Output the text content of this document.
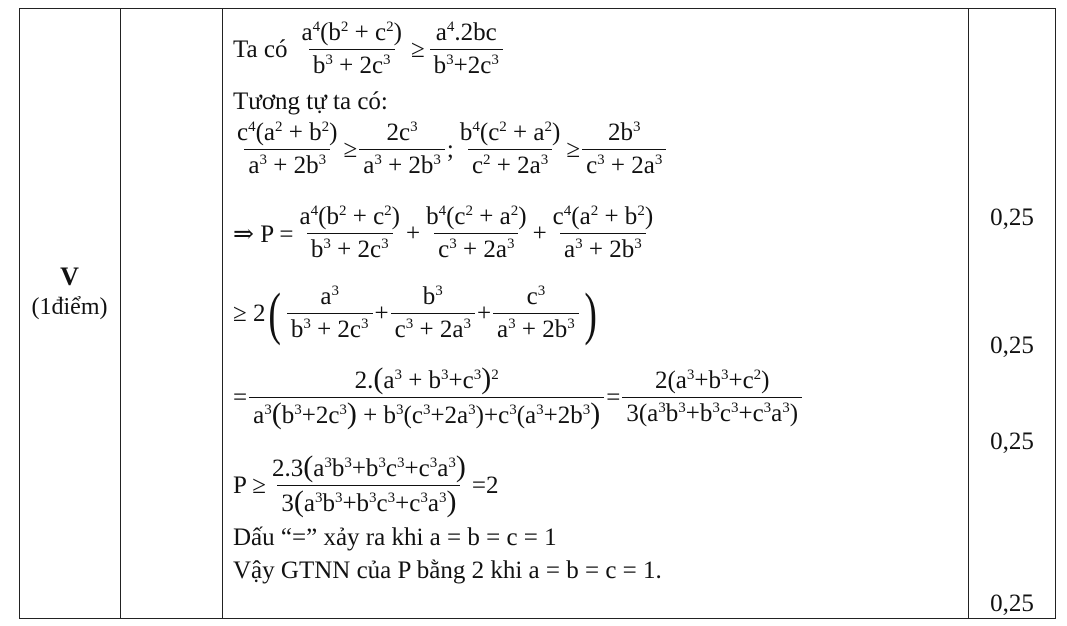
V
(1điểm)
Ta có $\frac{a^4(b^2 + c^2)}{b^3 + 2c^3} \ge \frac{a^4.2bc}{b^3+2c^3}$
Tương tự ta có:
$\frac{c^4(a^2 + b^2)}{a^3 + 2b^3} \ge \frac{2c^3}{a^3 + 2b^3}$ ; $\frac{b^4(c^2 + a^2)}{c^2 + 2a^3} \ge \frac{2b^3}{c^3 + 2a^3}$
⇒ $P = \frac{a^4(b^2 + c^2)}{b^3 + 2c^3} + \frac{b^4(c^2 + a^2)}{c^3 + 2a^3} + \frac{c^4(a^2 + b^2)}{a^3 + 2b^3}$
≥ 2 ( $\frac{a^3}{b^3 + 2c^3} + \frac{b^3}{c^3 + 2a^3} + \frac{c^3}{a^3 + 2b^3}$ )
= $\frac{2.(a^3 + b^3+c^3)^2}{a^3(b^3+2c^3) + b^3(c^3+2a^3)+c^3(a^3+2b^3)} = \frac{2(a^3+b^3+c^2)}{3(a^3b^3+b^3c^3+c^3a^3)}$
$P \ge \frac{2.3(a^3b^3+b^3c^3+c^3a^3)}{3(a^3b^3+b^3c^3+c^3a^3)} =2$
Dấu “=” xảy ra khi a = b = c = 1
Vậy GTNN của P bằng 2 khi a = b = c = 1.
0,25
0,25
0,25
0,25
